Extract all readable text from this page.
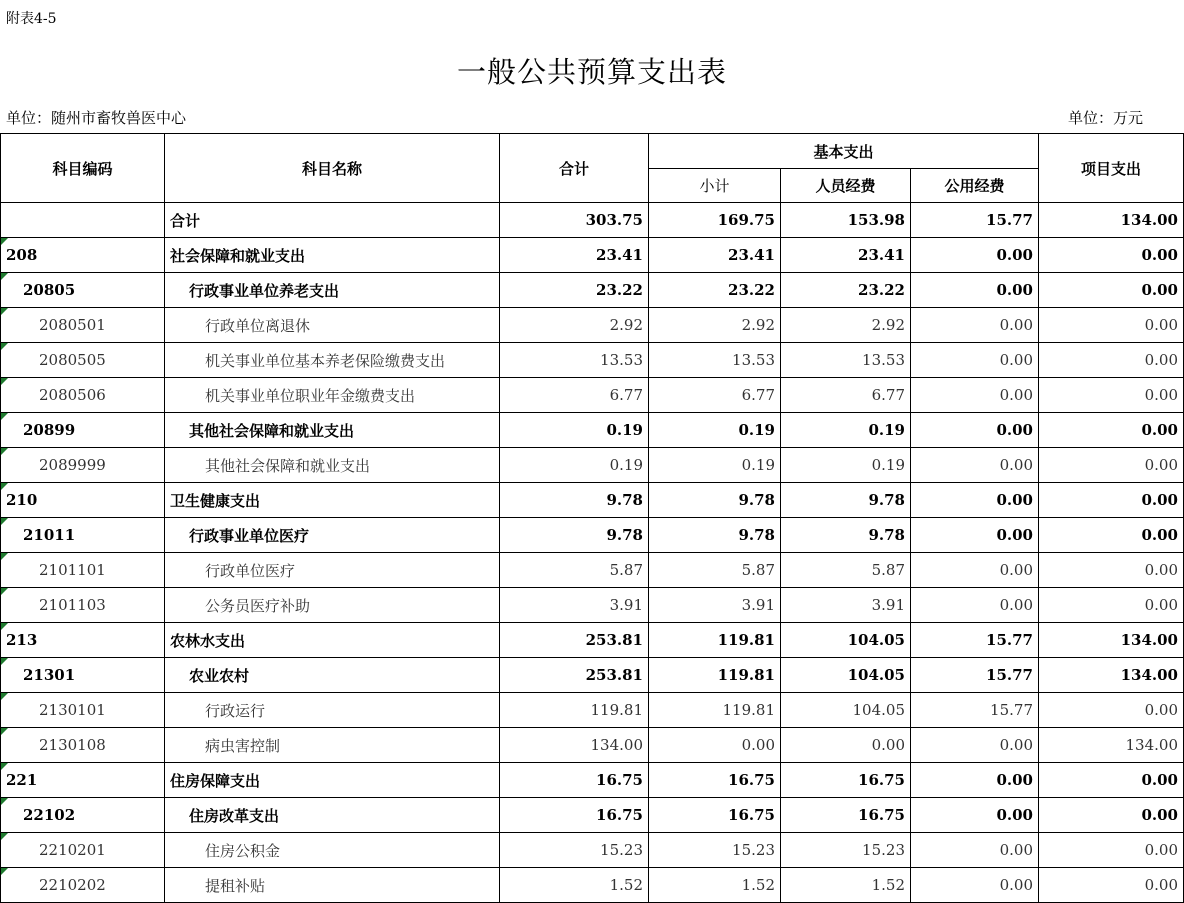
附表4-5
一般公共预算支出表
单位：随州市畜牧兽医中心	单位：万元
科目编码	科目名称	合计	基本支出			项目支出
			小计	人员经费	公用经费	
	合计	303.75	169.75	153.98	15.77	134.00
208	社会保障和就业支出	23.41	23.41	23.41	0.00	0.00
20805	行政事业单位养老支出	23.22	23.22	23.22	0.00	0.00
2080501	行政单位离退休	2.92	2.92	2.92	0.00	0.00
2080505	机关事业单位基本养老保险缴费支出	13.53	13.53	13.53	0.00	0.00
2080506	机关事业单位职业年金缴费支出	6.77	6.77	6.77	0.00	0.00
20899	其他社会保障和就业支出	0.19	0.19	0.19	0.00	0.00
2089999	其他社会保障和就业支出	0.19	0.19	0.19	0.00	0.00
210	卫生健康支出	9.78	9.78	9.78	0.00	0.00
21011	行政事业单位医疗	9.78	9.78	9.78	0.00	0.00
2101101	行政单位医疗	5.87	5.87	5.87	0.00	0.00
2101103	公务员医疗补助	3.91	3.91	3.91	0.00	0.00
213	农林水支出	253.81	119.81	104.05	15.77	134.00
21301	农业农村	253.81	119.81	104.05	15.77	134.00
2130101	行政运行	119.81	119.81	104.05	15.77	0.00
2130108	病虫害控制	134.00	0.00	0.00	0.00	134.00
221	住房保障支出	16.75	16.75	16.75	0.00	0.00
22102	住房改革支出	16.75	16.75	16.75	0.00	0.00
2210201	住房公积金	15.23	15.23	15.23	0.00	0.00
2210202	提租补贴	1.52	1.52	1.52	0.00	0.00
